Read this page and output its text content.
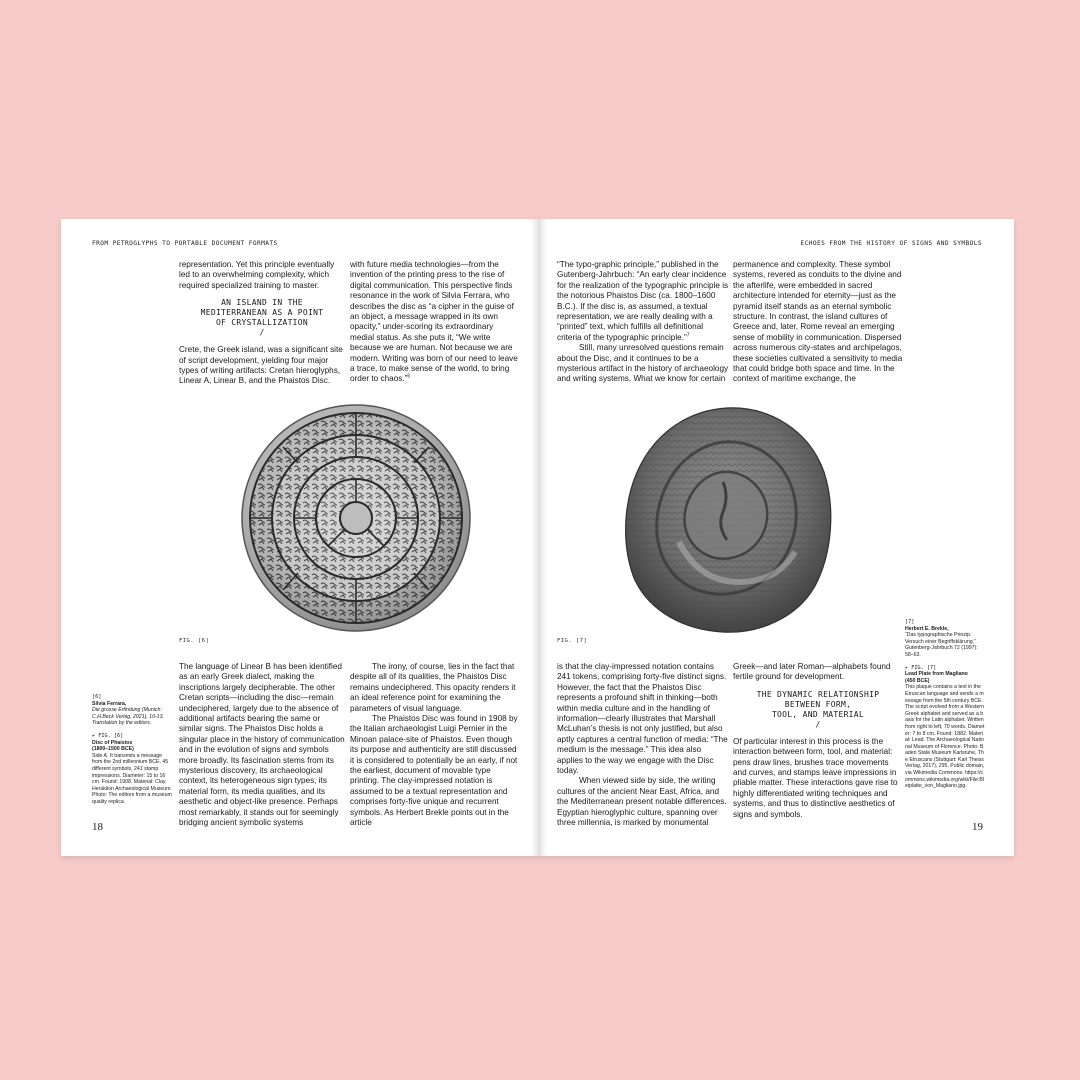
FROM PETROGLYPHS TO PORTABLE DOCUMENT FORMATS

representation. Yet this principle eventually led to an overwhelming complexity, which required specialized training to master.

AN ISLAND IN THE
MEDITERRANEAN AS A POINT
OF CRYSTALLIZATION
/

Crete, the Greek island, was a significant site of script development, yielding four major types of writing artifacts: Cretan hieroglyphs, Linear A, Linear B, and the Phaistos Disc.

with future media technologies—from the invention of the printing press to the rise of digital communication. This perspective finds resonance in the work of Silvia Ferrara, who describes the disc as “a cipher in the guise of an object, a message wrapped in its own opacity,” under-scoring its extraordinary medial status. As she puts it, “We write because we are human. Not because we are modern. Writing was born of our need to leave a trace, to make sense of the world, to bring order to chaos.”$^6$

FIG. [6]

The language of Linear B has been identified as an early Greek dialect, making the inscriptions largely decipherable. The other Cretan scripts—including the disc—remain undeciphered, largely due to the absence of additional artifacts bearing the same or similar signs. The Phaistos Disc holds a singular place in the history of communication and in the evolution of signs and symbols more broadly. Its fascination stems from its mysterious discovery, its archaeological context, its heterogeneous sign types, its material form, its media qualities, and its aesthetic and object-like presence. Perhaps most remarkably, it stands out for seemingly bridging ancient symbolic systems

The irony, of course, lies in the fact that despite all of its qualities, the Phaistos Disc remains undeciphered. This opacity renders it an ideal reference point for examining the parameters of visual language.

The Phaistos Disc was found in 1908 by the Italian archaeologist Luigi Pernier in the Minoan palace-site of Phaistos. Even though its purpose and authenticity are still discussed it is considered to potentially be an early, if not the earliest, document of movable type printing. The clay-impressed notation is assumed to be a textual representation and comprises forty-five unique and recurrent symbols. As Herbert Brekle points out in the article

[6]
Silvia Ferrara,
Die grosse Erfindung (Munich: C.H.Beck Verlag, 2021), 10-13. Translation by the editors.
▸ FIG. [6]
Disc of Phaistos
(1800–1500 BCE)
Side A. It transmits a message from the 2nd millennium BCE. 45 different symbols, 241 stamp impressions. Diameter: 15 to 16 cm. Found: 1908. Material: Clay. Heraklion Archaeological Museum. Photo: The editors from a museum quality replica.
18
ECHOES FROM THE HISTORY OF SIGNS AND SYMBOLS

“The typo-graphic principle,” published in the Gutenberg-Jahrbuch: “An early clear incidence for the realization of the typographic principle is the notorious Phaistos Disc (ca. 1800–1600 B.C.). If the disc is, as assumed, a textual representation, we are really dealing with a “printed” text, which fulfills all definitional criteria of the typographic principle.”$^7$

Still, many unresolved questions remain about the Disc, and it continues to be a mysterious artifact in the history of archaeology and writing systems. What we know for certain

permanence and complexity. These symbol systems, revered as conduits to the divine and the afterlife, were embedded in sacred architecture intended for eternity—just as the pyramid itself stands as an eternal symbolic structure. In contrast, the island cultures of Greece and, later, Rome reveal an emerging sense of mobility in communication. Dispersed across numerous city-states and archipelagos, these societies cultivated a sensitivity to media that could bridge both space and time. In the context of maritime exchange, the

FIG. [7]

is that the clay-impressed notation contains 241 tokens, comprising forty-five distinct signs. However, the fact that the Phaistos Disc represents a profound shift in thinking—both within media culture and in the handling of information—clearly illustrates that Marshall McLuhan’s thesis is not only justified, but also aptly captures a central function of media: “The medium is the message.” This idea also applies to the way we engage with the Disc today.

When viewed side by side, the writing cultures of the ancient Near East, Africa, and the Mediterranean present notable differences. Egyptian hieroglyphic culture, spanning over three millennia, is marked by monumental

Greek—and later Roman—alphabets found fertile ground for development.

THE DYNAMIC RELATIONSHIP
BETWEEN FORM,
TOOL, AND MATERIAL
/

Of particular interest in this process is the interaction between form, tool, and material: pens draw lines, brushes trace movements and curves, and stamps leave impressions in pliable matter. These interactions gave rise to highly differentiated writing techniques and systems, and thus to distinctive aesthetics of signs and symbols.

[7]
Herbert E. Brekle,
“Das typographische Prinzip. Versuch einer Begriffsklärung,” Gutenberg-Jahrbuch 72 (1997): 58–63.
▸ FIG. [7]
Lead Plate from Magliano
(450 BCE)
This plaque contains a text in the Etruscan language and sends a message from the 5th century BCE. The script evolved from a Western Greek alphabet and served as a basis for the Latin alphabet. Written from right to left, 70 words. Diameter: 7 to 8 cm. Found: 1882. Material: Lead. The Archaeological National Museum of Florence. Photo: Baden State Museum Karlsruhe, The Etruscans (Stuttgart: Karl Theiss Verlag, 2017), 295. Public domain, via Wikimedia Commons. https://commons.wikimedia.org/wiki/File:Bleiplatte_von_Magliano.jpg.
19
